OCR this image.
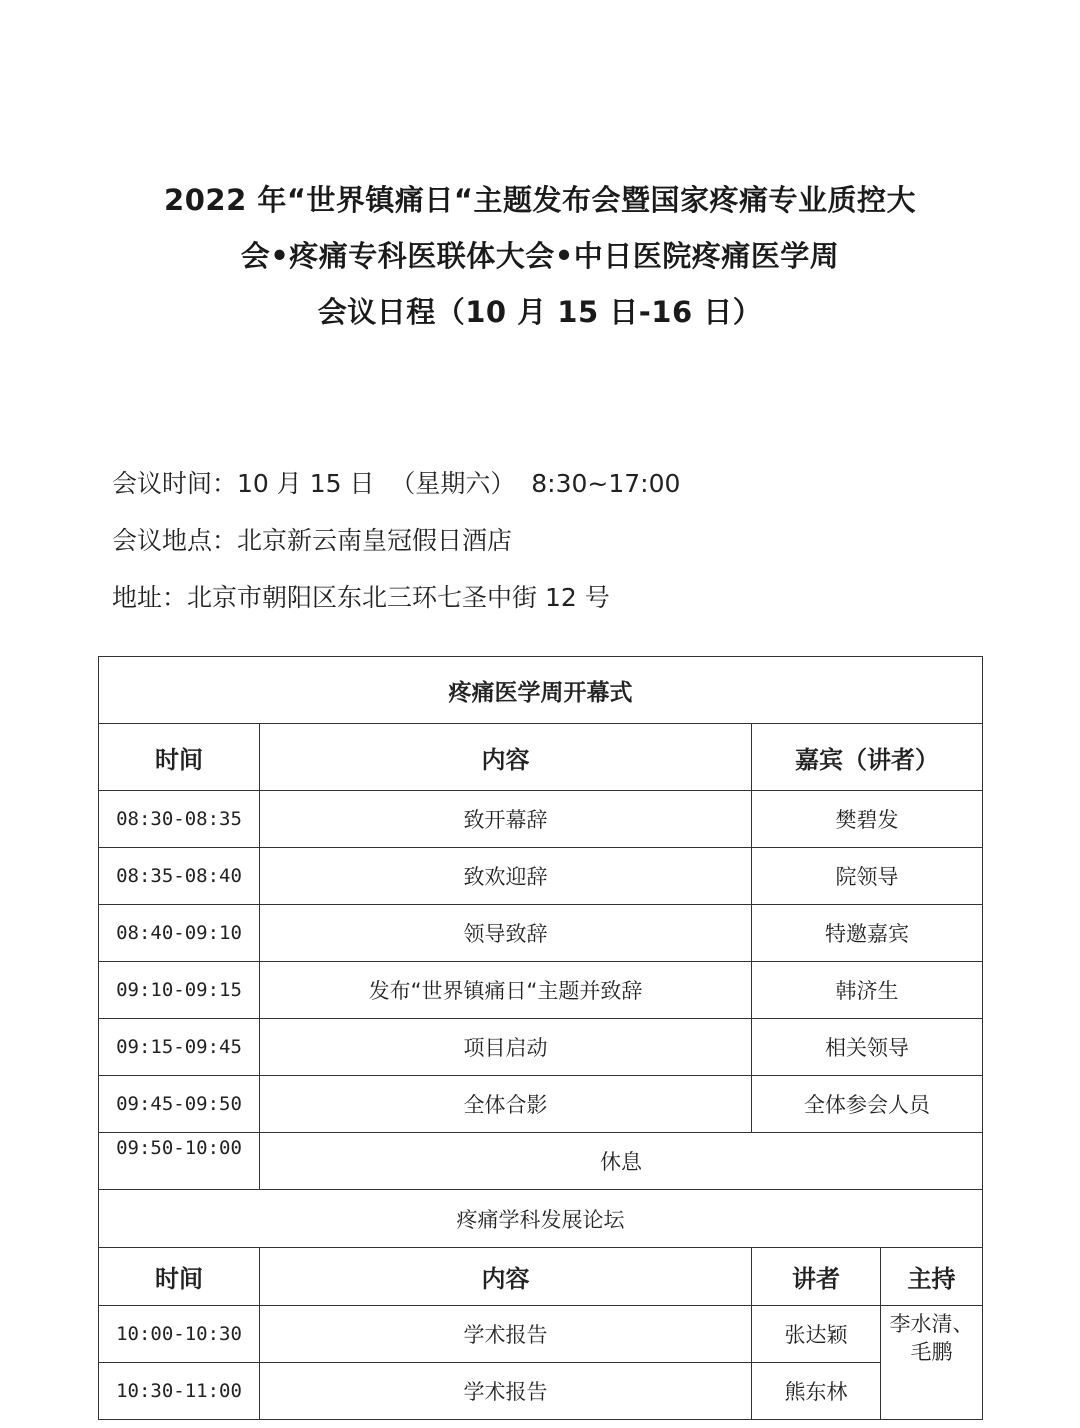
2022 年“世界镇痛日“主题发布会暨国家疼痛专业质控大
会•疼痛专科医联体大会•中日医院疼痛医学周
会议日程（10 月 15 日-16 日）
会议时间：10 月 15 日  （星期六）  8:30~17:00
会议地点：北京新云南皇冠假日酒店
地址：北京市朝阳区东北三环七圣中街 12 号
疼痛医学周开幕式			
时间	内容	嘉宾（讲者）	
08:30-08:35	致开幕辞	樊碧发	
08:35-08:40	致欢迎辞	院领导	
08:40-09:10	领导致辞	特邀嘉宾	
09:10-09:15	发布“世界镇痛日“主题并致辞	韩济生	
09:15-09:45	项目启动	相关领导	
09:45-09:50	全体合影	全体参会人员	
09:50-10:00	休息		
疼痛学科发展论坛			
时间	内容	讲者	主持
10:00-10:30	学术报告	张达颖	李水清、
毛鹏

10:30-11:00	学术报告	熊东林	
